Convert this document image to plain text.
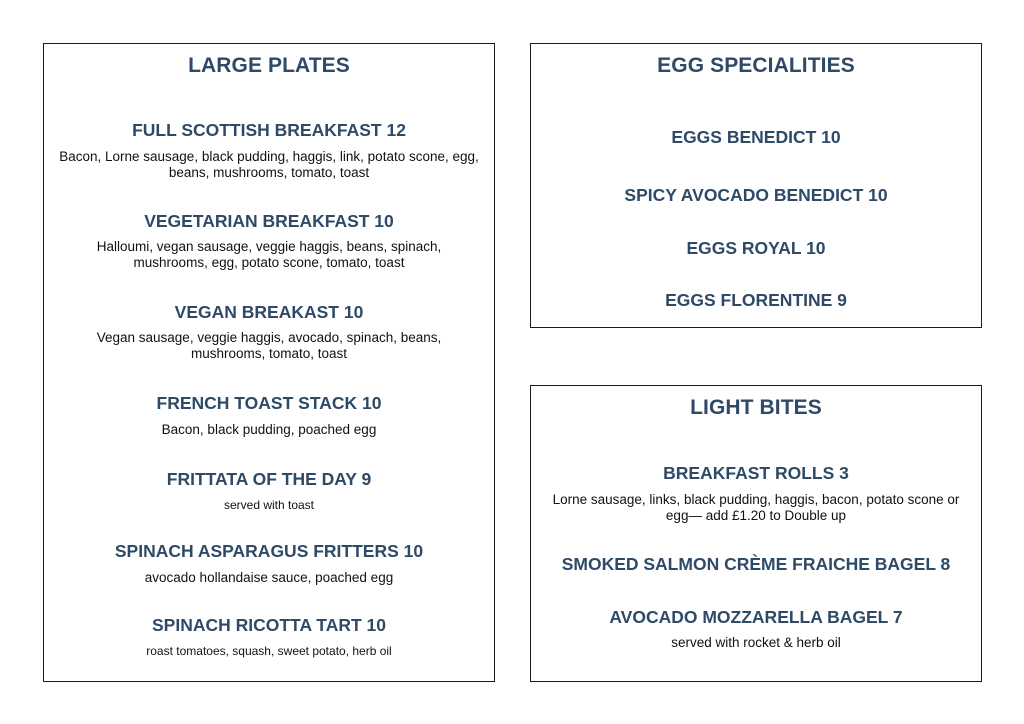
LARGE PLATES
FULL SCOTTISH BREAKFAST 12
Bacon, Lorne sausage, black pudding, haggis, link, potato scone, egg, beans, mushrooms, tomato, toast
VEGETARIAN BREAKFAST 10
Halloumi, vegan sausage, veggie haggis, beans, spinach, mushrooms, egg, potato scone, tomato, toast
VEGAN BREAKAST 10
Vegan sausage, veggie haggis, avocado, spinach, beans, mushrooms, tomato, toast
FRENCH TOAST STACK 10
Bacon, black pudding, poached egg
FRITTATA OF THE DAY 9
served with toast
SPINACH ASPARAGUS FRITTERS 10
avocado hollandaise sauce, poached egg
SPINACH RICOTTA TART 10
roast tomatoes, squash, sweet potato, herb oil
EGG SPECIALITIES
EGGS BENEDICT 10
SPICY AVOCADO BENEDICT 10
EGGS ROYAL 10
EGGS FLORENTINE 9
LIGHT BITES
BREAKFAST ROLLS 3
Lorne sausage, links, black pudding, haggis, bacon, potato scone or egg— add £1.20 to Double up
SMOKED SALMON CRÈME FRAICHE BAGEL 8
AVOCADO MOZZARELLA BAGEL 7
served with rocket & herb oil
